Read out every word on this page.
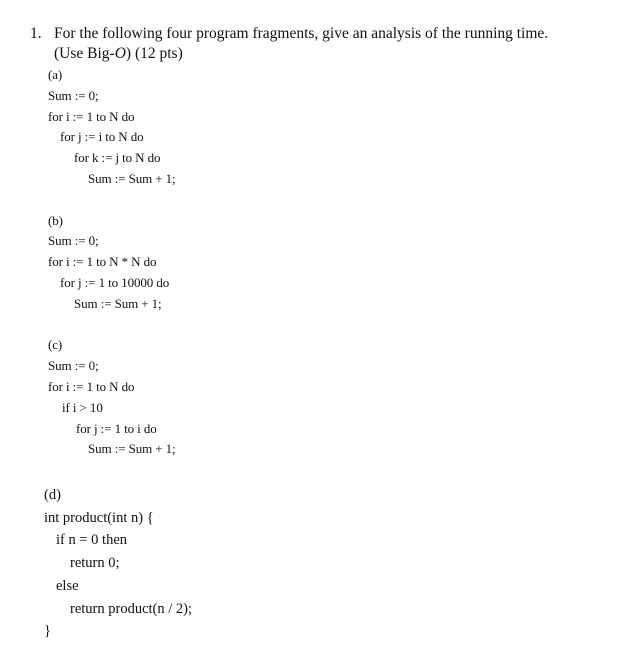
1. For the following four program fragments, give an analysis of the running time.
(Use Big-O) (12 pts)
(a)
Sum := 0;
for i := 1 to N do
for j := i to N do
for k := j to N do
Sum := Sum + 1;
(b)
Sum := 0;
for i := 1 to N * N do
for j := 1 to 10000 do
Sum := Sum + 1;
(c)
Sum := 0;
for i := 1 to N do
if i > 10
for j := 1 to i do
Sum := Sum + 1;
(d)
int product(int n) {
if n = 0 then
return 0;
else
return product(n / 2);
}
